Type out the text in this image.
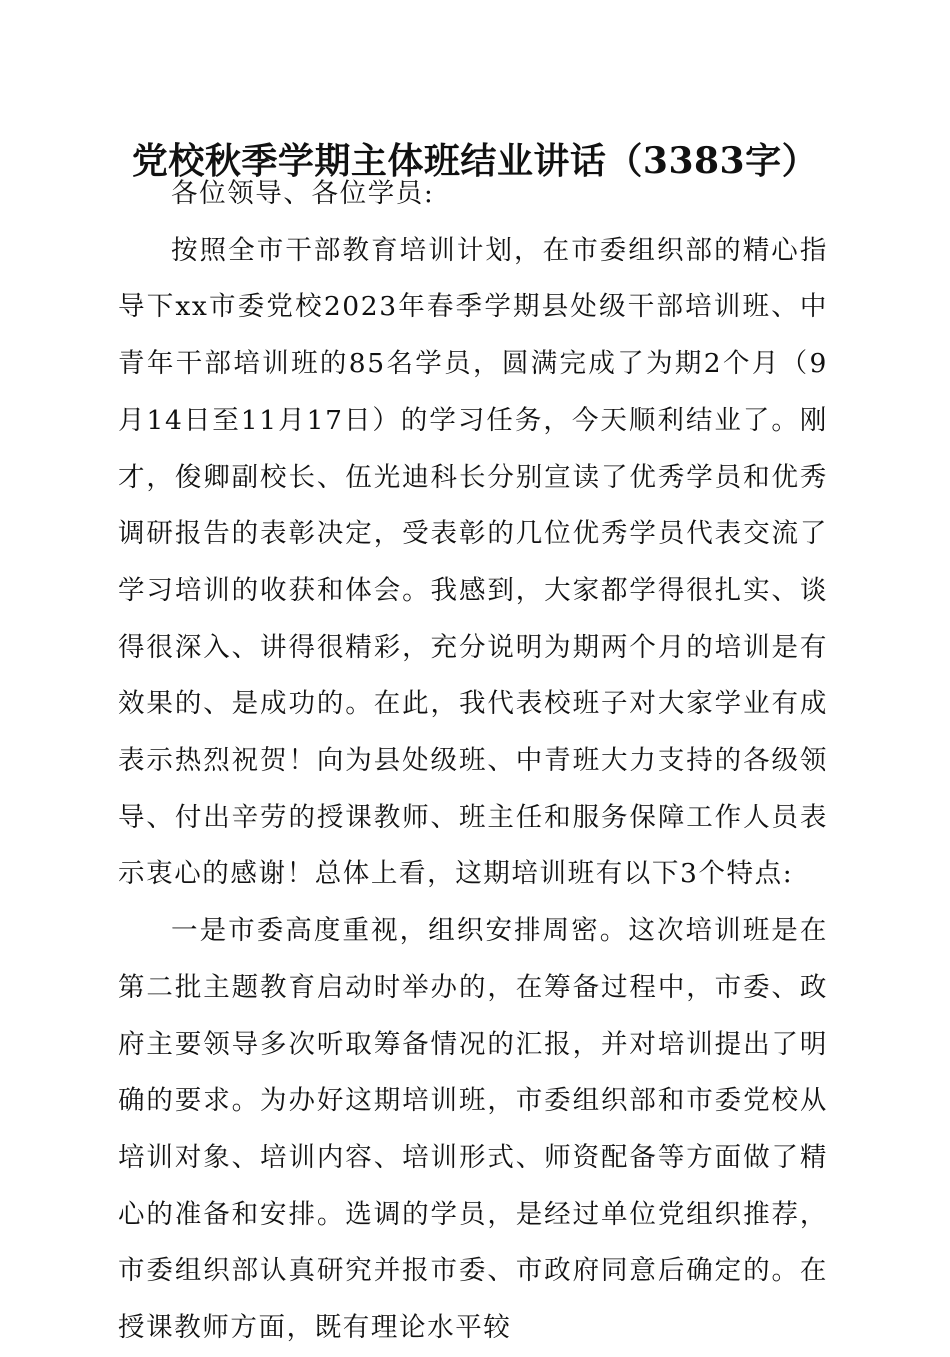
党校秋季学期主体班结业讲话（3383字）

各位领导、各位学员:

按照全市干部教育培训计划，在市委组织部的精心指导下xx市委党校2023年春季学期县处级干部培训班、中青年干部培训班的85名学员，圆满完成了为期2个月（9月14日至11月17日）的学习任务，今天顺利结业了。刚才，俊卿副校长、伍光迪科长分别宣读了优秀学员和优秀调研报告的表彰决定，受表彰的几位优秀学员代表交流了学习培训的收获和体会。我感到，大家都学得很扎实、谈得很深入、讲得很精彩，充分说明为期两个月的培训是有效果的、是成功的。在此，我代表校班子对大家学业有成表示热烈祝贺！向为县处级班、中青班大力支持的各级领导、付出辛劳的授课教师、班主任和服务保障工作人员表示衷心的感谢！总体上看，这期培训班有以下3个特点:

一是市委高度重视，组织安排周密。这次培训班是在第二批主题教育启动时举办的，在筹备过程中，市委、政府主要领导多次听取筹备情况的汇报，并对培训提出了明确的要求。为办好这期培训班，市委组织部和市委党校从培训对象、培训内容、培训形式、师资配备等方面做了精心的准备和安排。选调的学员，是经过单位党组织推荐，市委组织部认真研究并报市委、市政府同意后确定的。在授课教师方面，既有理论水平较
